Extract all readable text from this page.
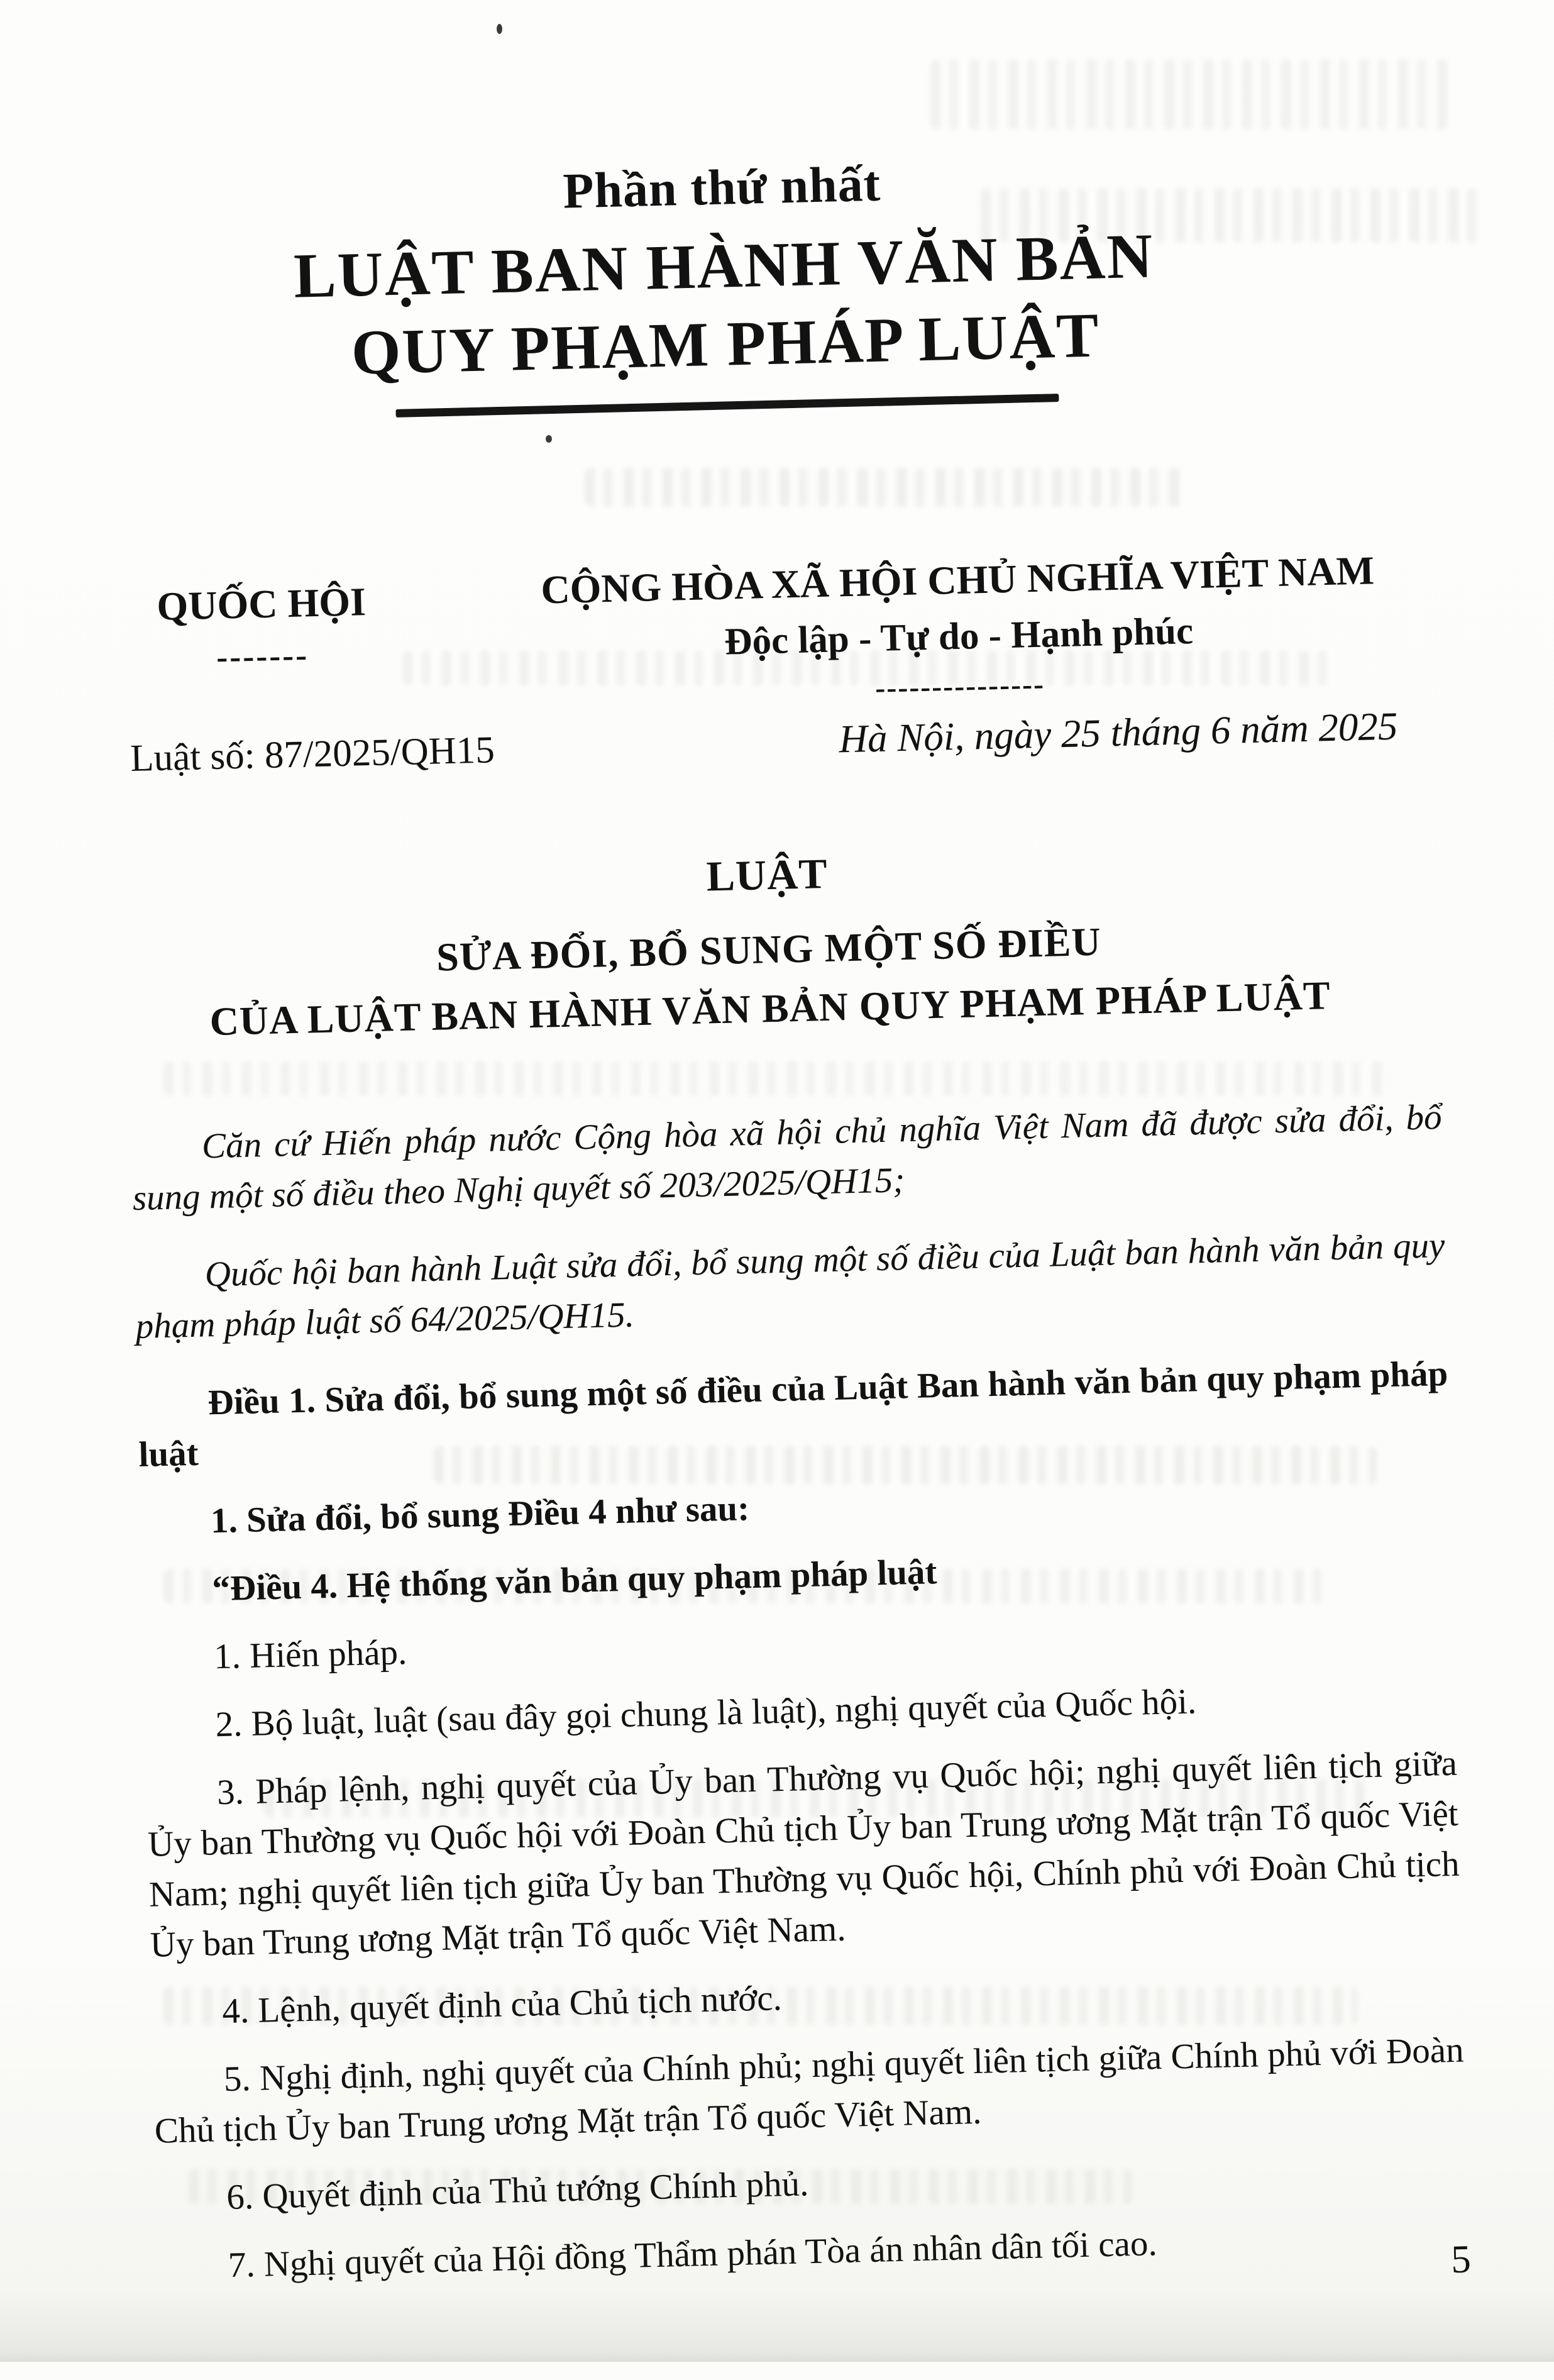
Phần thứ nhất
LUẬT BAN HÀNH VĂN BẢN
QUY PHẠM PHÁP LUẬT
QUỐC HỘI
-------
CỘNG HÒA XÃ HỘI CHỦ NGHĨA VIỆT NAM
Độc lập - Tự do - Hạnh phúc
---------------
Luật số: 87/2025/QH15	Hà Nội, ngày 25 tháng 6 năm 2025
LUẬT
SỬA ĐỔI, BỔ SUNG MỘT SỐ ĐIỀU
CỦA LUẬT BAN HÀNH VĂN BẢN QUY PHẠM PHÁP LUẬT

Căn cứ Hiến pháp nước Cộng hòa xã hội chủ nghĩa Việt Nam đã được sửa đổi, bổ sung một số điều theo Nghị quyết số 203/2025/QH15;

Quốc hội ban hành Luật sửa đổi, bổ sung một số điều của Luật ban hành văn bản quy phạm pháp luật số 64/2025/QH15.

Điều 1. Sửa đổi, bổ sung một số điều của Luật Ban hành văn bản quy phạm pháp luật

1. Sửa đổi, bổ sung Điều 4 như sau:

“Điều 4. Hệ thống văn bản quy phạm pháp luật

1. Hiến pháp.

2. Bộ luật, luật (sau đây gọi chung là luật), nghị quyết của Quốc hội.

3. Pháp lệnh, nghị quyết của Ủy ban Thường vụ Quốc hội; nghị quyết liên tịch giữa Ủy ban Thường vụ Quốc hội với Đoàn Chủ tịch Ủy ban Trung ương Mặt trận Tổ quốc Việt Nam; nghị quyết liên tịch giữa Ủy ban Thường vụ Quốc hội, Chính phủ với Đoàn Chủ tịch Ủy ban Trung ương Mặt trận Tổ quốc Việt Nam.

4. Lệnh, quyết định của Chủ tịch nước.

5. Nghị định, nghị quyết của Chính phủ; nghị quyết liên tịch giữa Chính phủ với Đoàn Chủ tịch Ủy ban Trung ương Mặt trận Tổ quốc Việt Nam.

6. Quyết định của Thủ tướng Chính phủ.

7. Nghị quyết của Hội đồng Thẩm phán Tòa án nhân dân tối cao.	5
